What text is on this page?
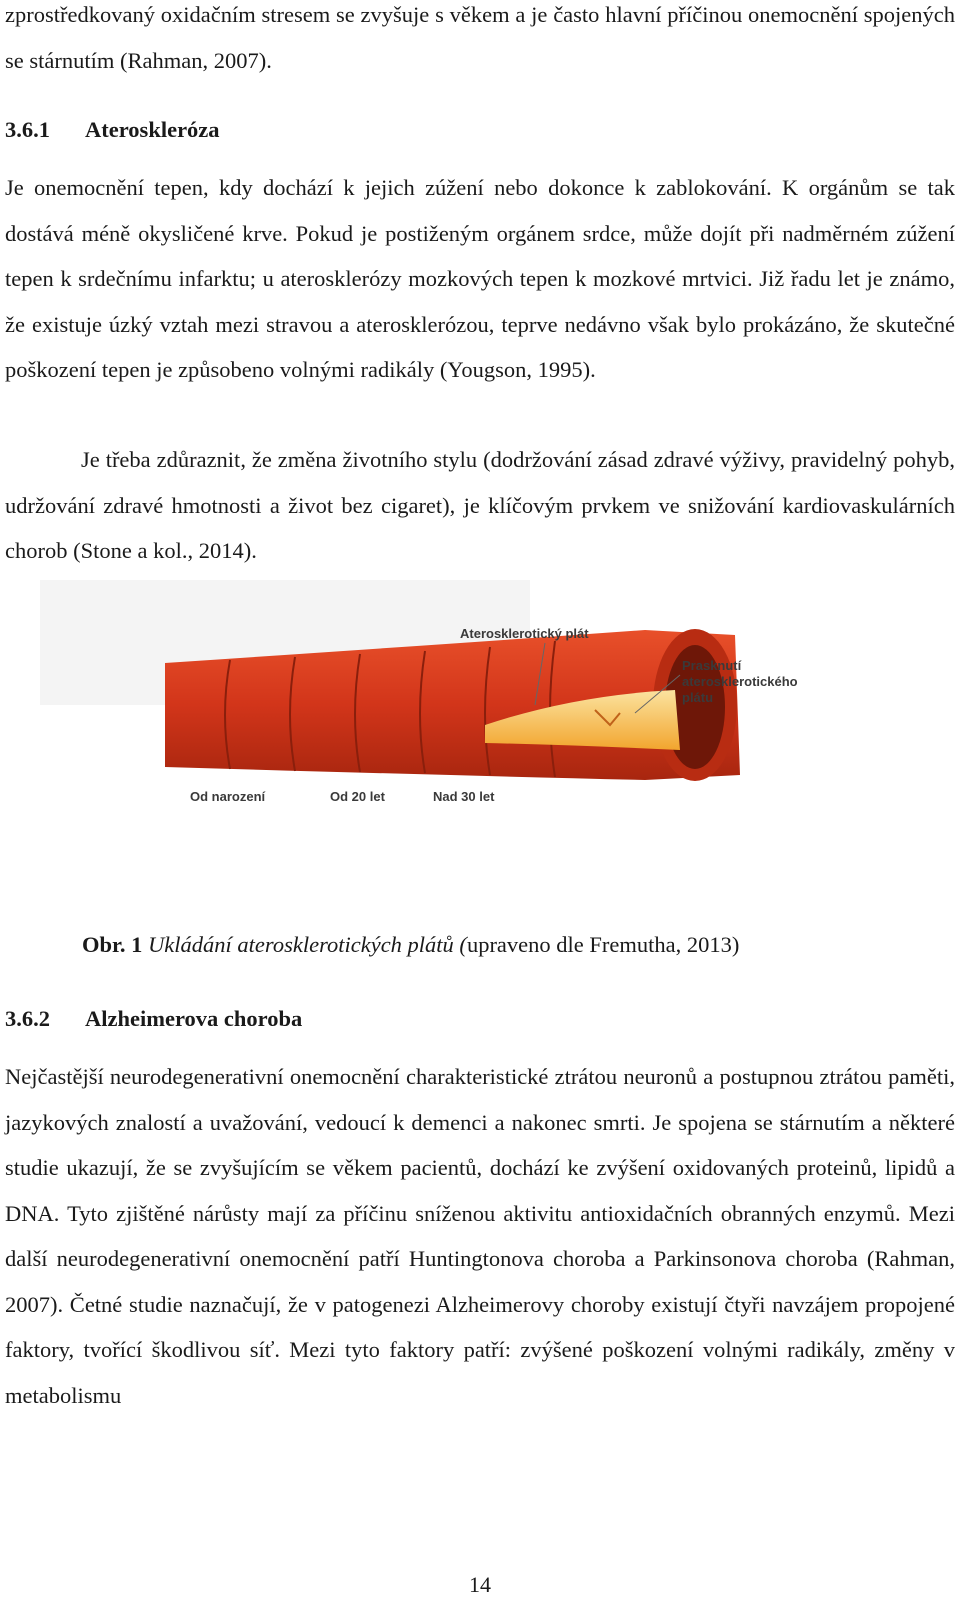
zprostředkovaný oxidačním stresem se zvyšuje s věkem a je často hlavní příčinou onemocnění spojených se stárnutím (Rahman, 2007).

3.6.1 Ateroskleróza

Je onemocnění tepen, kdy dochází k jejich zúžení nebo dokonce k zablokování. K orgánům se tak dostává méně okysličené krve. Pokud je postiženým orgánem srdce, může dojít při nadměrném zúžení tepen k srdečnímu infarktu; u aterosklerózy mozkových tepen k mozkové mrtvici. Již řadu let je známo, že existuje úzký vztah mezi stravou a aterosklerózou, teprve nedávno však bylo prokázáno, že skutečné poškození tepen je způsobeno volnými radikály (Yougson, 1995).

Je třeba zdůraznit, že změna životního stylu (dodržování zásad zdravé výživy, pravidelný pohyb, udržování zdravé hmotnosti a život bez cigaret), je klíčovým prvkem ve snižování kardiovaskulárních chorob (Stone a kol., 2014).

Aterosklerotický plát
Prasknutí
aterosklerotického
plátu
Od narození	Od 20 let	Nad 30 let

Obr. 1 Ukládání aterosklerotických plátů (upraveno dle Fremutha, 2013)

3.6.2 Alzheimerova choroba

Nejčastější neurodegenerativní onemocnění charakteristické ztrátou neuronů a postupnou ztrátou paměti, jazykových znalostí a uvažování, vedoucí k demenci a nakonec smrti. Je spojena se stárnutím a některé studie ukazují, že se zvyšujícím se věkem pacientů, dochází ke zvýšení oxidovaných proteinů, lipidů a DNA. Tyto zjištěné nárůsty mají za příčinu sníženou aktivitu antioxidačních obranných enzymů. Mezi další neurodegenerativní onemocnění patří Huntingtonova choroba a Parkinsonova choroba (Rahman, 2007). Četné studie naznačují, že v patogenezi Alzheimerovy choroby existují čtyři navzájem propojené faktory, tvořící škodlivou síť. Mezi tyto faktory patří: zvýšené poškození volnými radikály, změny v metabolismu

14
